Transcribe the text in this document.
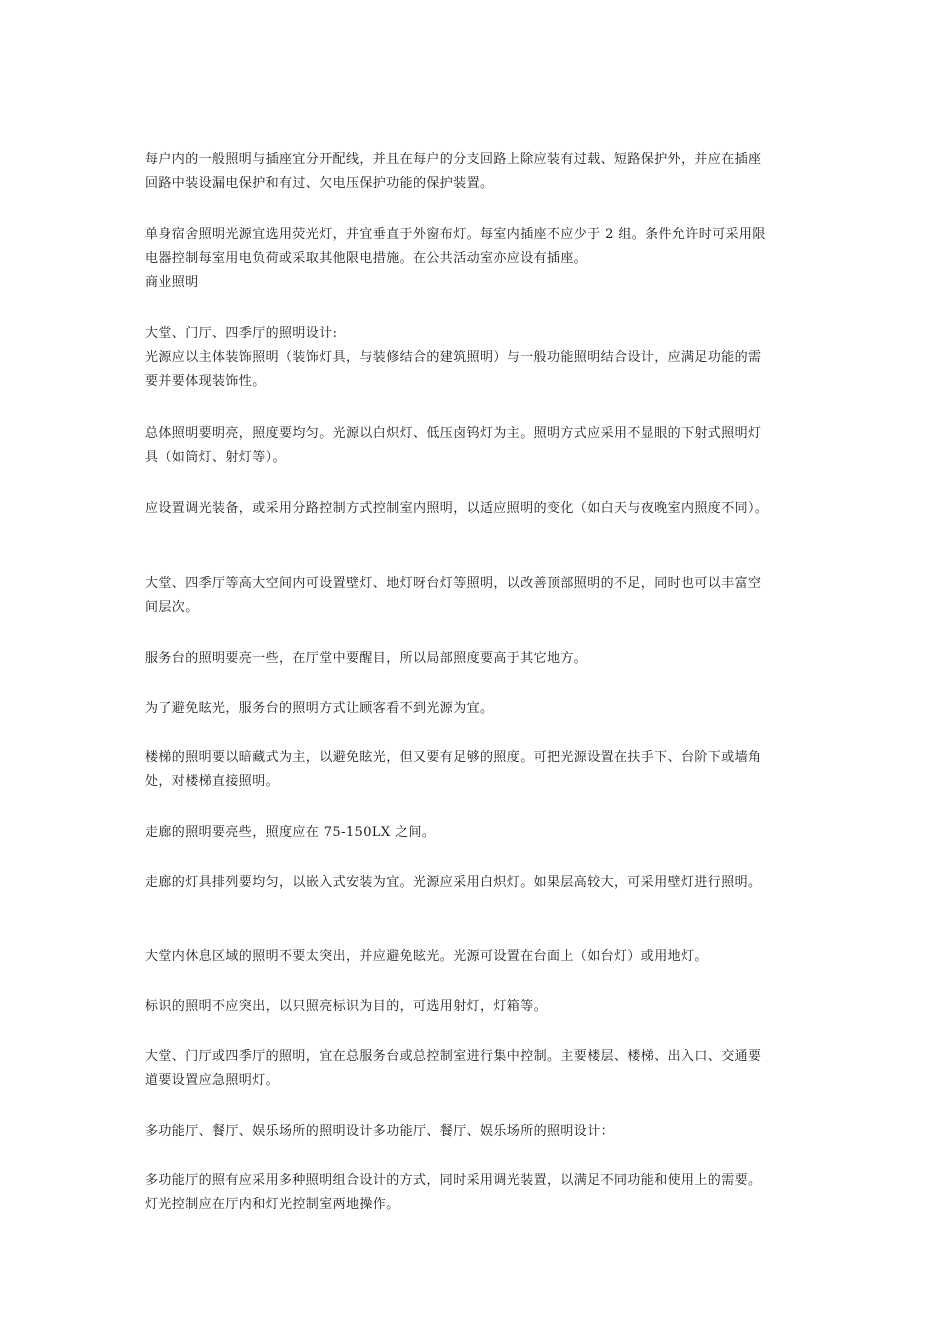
每户内的一般照明与插座宜分开配线，并且在每户的分支回路上除应装有过载、短路保护外，并应在插座
回路中装设漏电保护和有过、欠电压保护功能的保护装置。
单身宿舍照明光源宜选用荧光灯，并宜垂直于外窗布灯。每室内插座不应少于 2 组。条件允许时可采用限
电器控制每室用电负荷或采取其他限电措施。在公共活动室亦应设有插座。
商业照明
大堂、门厅、四季厅的照明设计:
光源应以主体装饰照明（装饰灯具，与装修结合的建筑照明）与一般功能照明结合设计，应满足功能的需
要并要体现装饰性。
总体照明要明亮，照度要均匀。光源以白炽灯、低压卤钨灯为主。照明方式应采用不显眼的下射式照明灯
具（如筒灯、射灯等）。
应设置调光装备，或采用分路控制方式控制室内照明，以适应照明的变化（如白天与夜晚室内照度不同）。
大堂、四季厅等高大空间内可设置壁灯、地灯呀台灯等照明，以改善顶部照明的不足，同时也可以丰富空
间层次。
服务台的照明要亮一些，在厅堂中要醒目，所以局部照度要高于其它地方。
为了避免眩光，服务台的照明方式让顾客看不到光源为宜。
楼梯的照明要以暗藏式为主，以避免眩光，但又要有足够的照度。可把光源设置在扶手下、台阶下或墙角
处，对楼梯直接照明。
走廊的照明要亮些，照度应在 75-150LX 之间。
走廊的灯具排列要均匀，以嵌入式安装为宜。光源应采用白炽灯。如果层高较大，可采用壁灯进行照明。
大堂内休息区域的照明不要太突出，并应避免眩光。光源可设置在台面上（如台灯）或用地灯。
标识的照明不应突出，以只照亮标识为目的，可选用射灯，灯箱等。
大堂、门厅或四季厅的照明，宜在总服务台或总控制室进行集中控制。主要楼层、楼梯、出入口、交通要
道要设置应急照明灯。
多功能厅、餐厅、娱乐场所的照明设计多功能厅、餐厅、娱乐场所的照明设计：
多功能厅的照有应采用多种照明组合设计的方式，同时采用调光装置，以满足不同功能和使用上的需要。
灯光控制应在厅内和灯光控制室两地操作。
